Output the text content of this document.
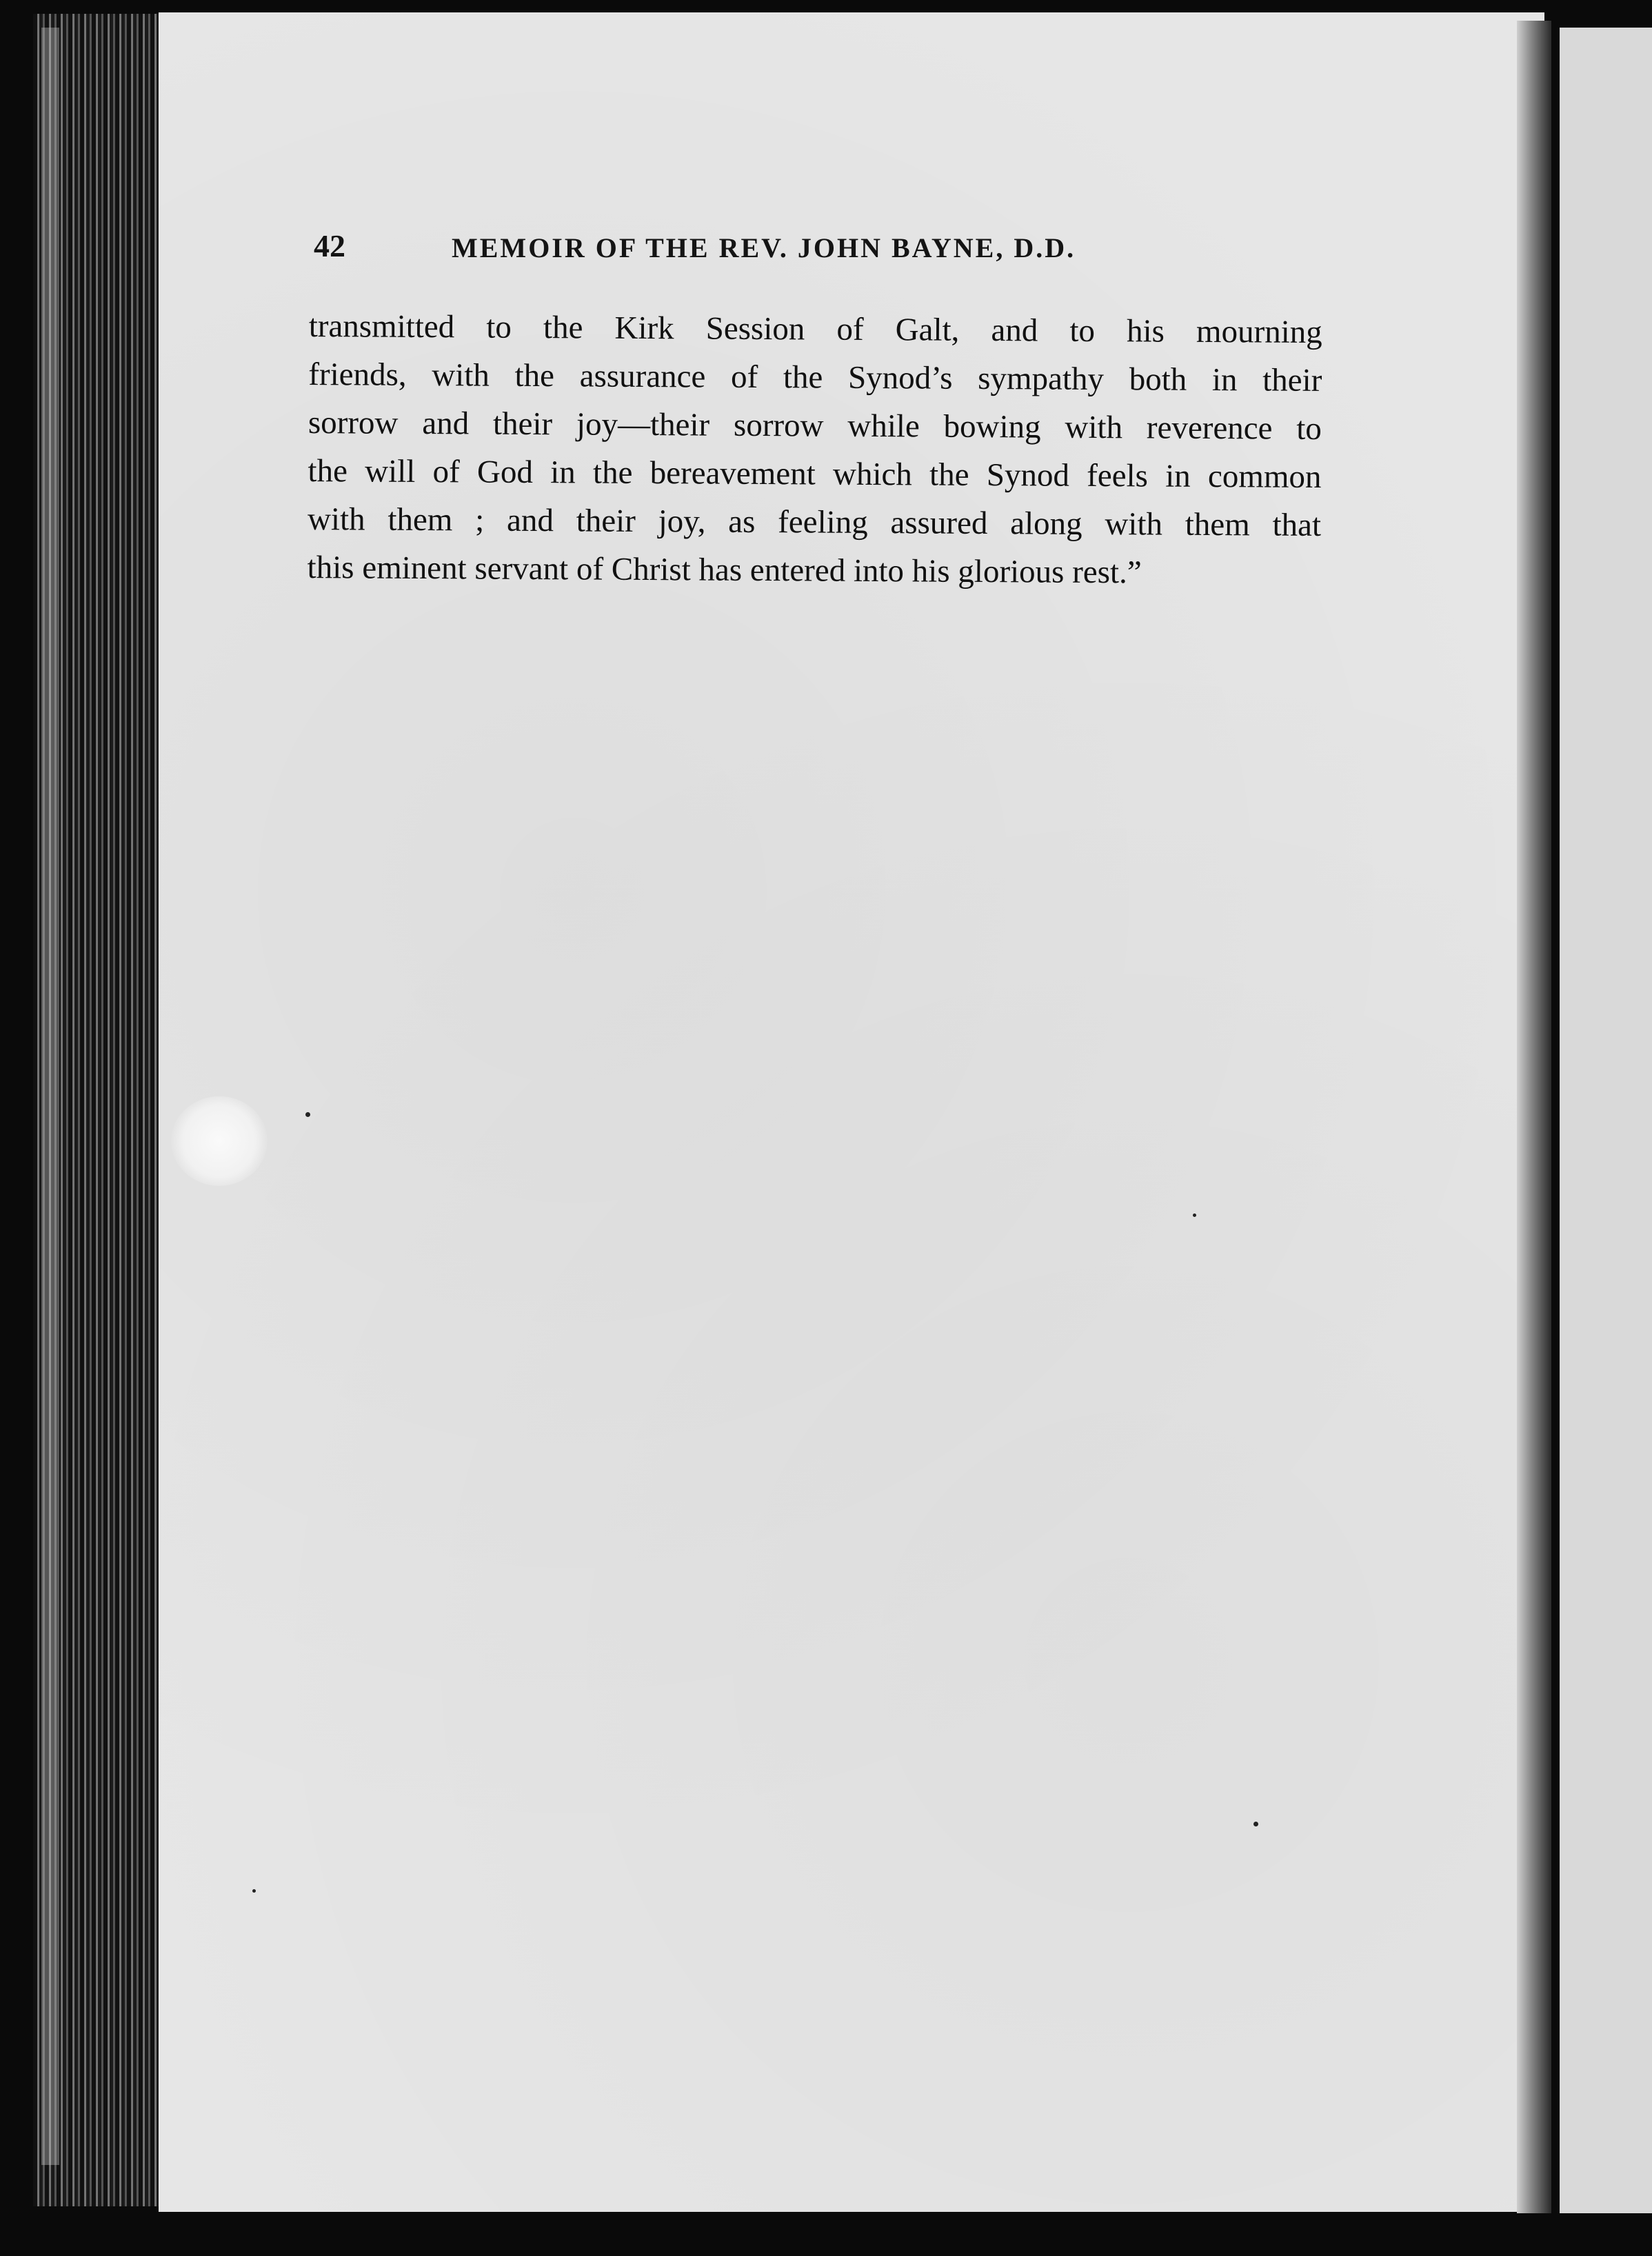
42	MEMOIR OF THE REV. JOHN BAYNE, D.D.
transmitted to the Kirk Session of Galt, and to his mourning
friends, with the assurance of the Synod’s sympathy both in their
sorrow and their joy—their sorrow while bowing with reverence to
the will of God in the bereavement which the Synod feels in common
with them ; and their joy, as feeling assured along with them that
this eminent servant of Christ has entered into his glorious rest.”
